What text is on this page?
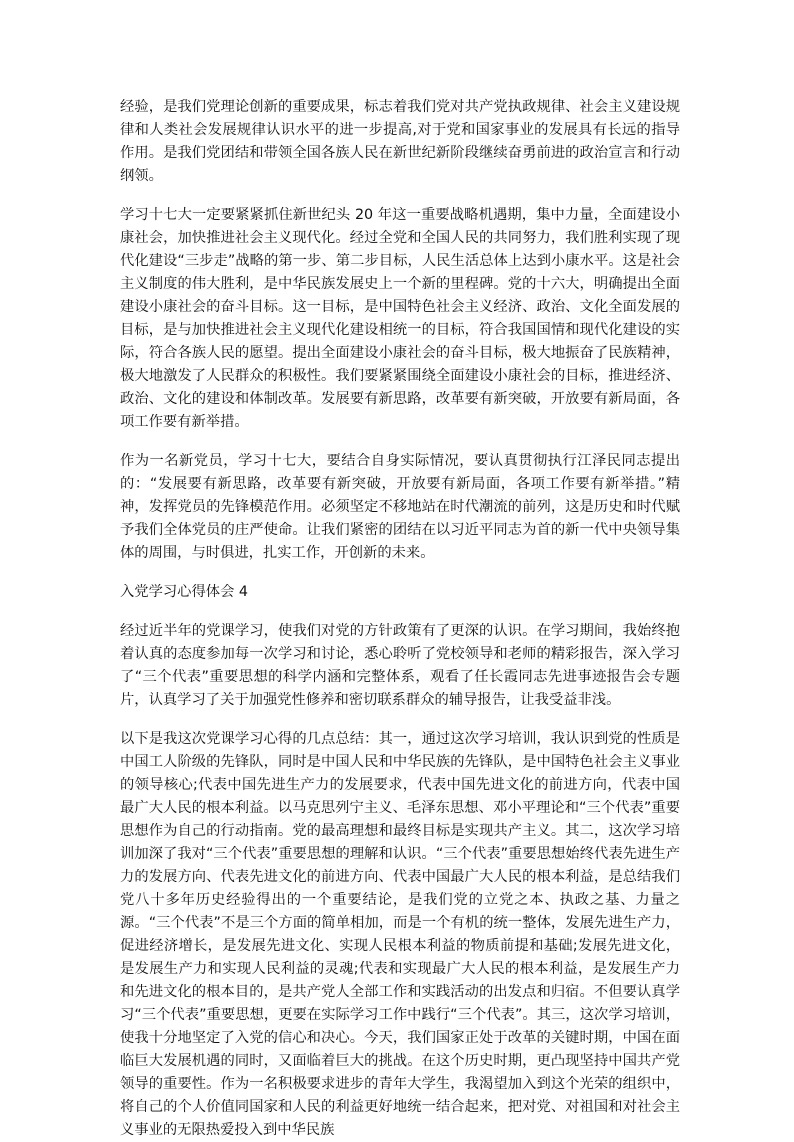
经验，是我们党理论创新的重要成果，标志着我们党对共产党执政规律、社会主义建设规律和人类社会发展规律认识水平的进一步提高,对于党和国家事业的发展具有长远的指导作用。是我们党团结和带领全国各族人民在新世纪新阶段继续奋勇前进的政治宣言和行动纲领。

学习十七大一定要紧紧抓住新世纪头 20 年这一重要战略机遇期，集中力量，全面建设小康社会，加快推进社会主义现代化。经过全党和全国人民的共同努力，我们胜利实现了现代化建设“三步走”战略的第一步、第二步目标，人民生活总体上达到小康水平。这是社会主义制度的伟大胜利，是中华民族发展史上一个新的里程碑。党的十六大，明确提出全面建设小康社会的奋斗目标。这一目标，是中国特色社会主义经济、政治、文化全面发展的目标，是与加快推进社会主义现代化建设相统一的目标，符合我国国情和现代化建设的实际，符合各族人民的愿望。提出全面建设小康社会的奋斗目标，极大地振奋了民族精神，极大地激发了人民群众的积极性。我们要紧紧围绕全面建设小康社会的目标，推进经济、政治、文化的建设和体制改革。发展要有新思路，改革要有新突破，开放要有新局面，各项工作要有新举措。

作为一名新党员，学习十七大，要结合自身实际情况，要认真贯彻执行江泽民同志提出的：“发展要有新思路，改革要有新突破，开放要有新局面，各项工作要有新举措。”精神，发挥党员的先锋模范作用。必须坚定不移地站在时代潮流的前列，这是历史和时代赋予我们全体党员的庄严使命。让我们紧密的团结在以习近平同志为首的新一代中央领导集体的周围，与时俱进，扎实工作，开创新的未来。

入党学习心得体会 4

经过近半年的党课学习，使我们对党的方针政策有了更深的认识。在学习期间，我始终抱着认真的态度参加每一次学习和讨论，悉心聆听了党校领导和老师的精彩报告，深入学习了“三个代表”重要思想的科学内涵和完整体系，观看了任长霞同志先进事迹报告会专题片，认真学习了关于加强党性修养和密切联系群众的辅导报告，让我受益非浅。

以下是我这次党课学习心得的几点总结：其一，通过这次学习培训，我认识到党的性质是中国工人阶级的先锋队，同时是中国人民和中华民族的先锋队，是中国特色社会主义事业的领导核心;代表中国先进生产力的发展要求，代表中国先进文化的前进方向，代表中国最广大人民的根本利益。以马克思列宁主义、毛泽东思想、邓小平理论和“三个代表”重要思想作为自己的行动指南。党的最高理想和最终目标是实现共产主义。其二，这次学习培训加深了我对“三个代表”重要思想的理解和认识。“三个代表”重要思想始终代表先进生产力的发展方向、代表先进文化的前进方向、代表中国最广大人民的根本利益，是总结我们党八十多年历史经验得出的一个重要结论，是我们党的立党之本、执政之基、力量之源。“三个代表”不是三个方面的简单相加，而是一个有机的统一整体，发展先进生产力，促进经济增长，是发展先进文化、实现人民根本利益的物质前提和基础;发展先进文化，是发展生产力和实现人民利益的灵魂;代表和实现最广大人民的根本利益，是发展生产力和先进文化的根本目的，是共产党人全部工作和实践活动的出发点和归宿。不但要认真学习“三个代表”重要思想，更要在实际学习工作中践行“三个代表”。其三，这次学习培训，使我十分地坚定了入党的信心和决心。今天，我们国家正处于改革的关键时期，中国在面临巨大发展机遇的同时，又面临着巨大的挑战。在这个历史时期，更凸现坚持中国共产党领导的重要性。作为一名积极要求进步的青年大学生，我渴望加入到这个光荣的组织中，将自己的个人价值同国家和人民的利益更好地统一结合起来，把对党、对祖国和对社会主义事业的无限热爱投入到中华民族
